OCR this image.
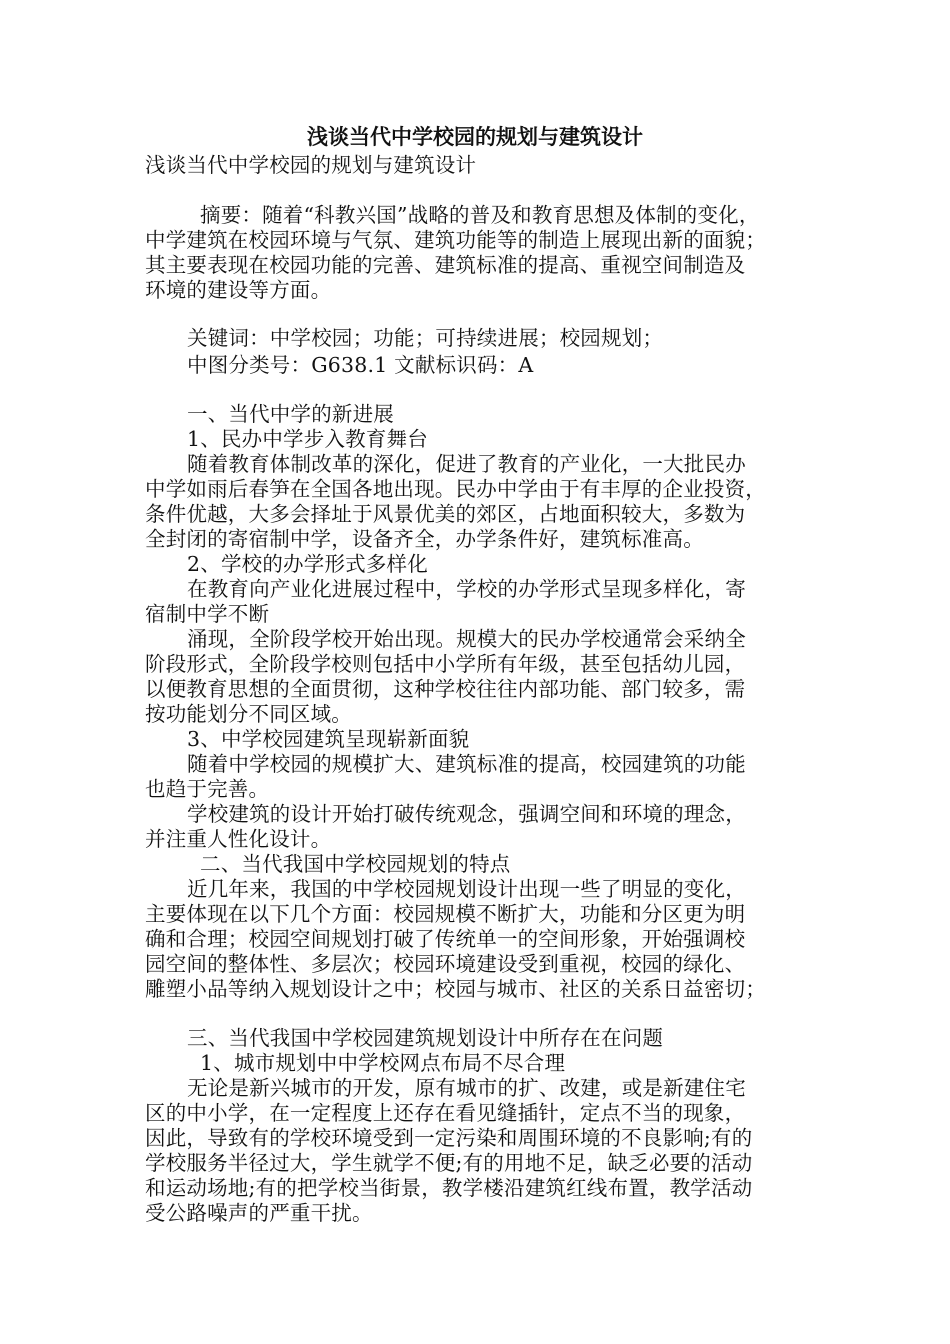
浅谈当代中学校园的规划与建筑设计
浅谈当代中学校园的规划与建筑设计
摘要：随着“科教兴国”战略的普及和教育思想及体制的变化，
中学建筑在校园环境与气氛、建筑功能等的制造上展现出新的面貌；
其主要表现在校园功能的完善、建筑标准的提高、重视空间制造及
环境的建设等方面。
关键词：中学校园；功能；可持续进展；校园规划；
中图分类号：G638.1 文献标识码：A
一、当代中学的新进展
1、民办中学步入教育舞台
随着教育体制改革的深化，促进了教育的产业化，一大批民办
中学如雨后春笋在全国各地出现。民办中学由于有丰厚的企业投资，
条件优越，大多会择址于风景优美的郊区，占地面积较大，多数为
全封闭的寄宿制中学，设备齐全，办学条件好，建筑标准高。
2、学校的办学形式多样化
在教育向产业化进展过程中，学校的办学形式呈现多样化，寄
宿制中学不断
涌现，全阶段学校开始出现。规模大的民办学校通常会采纳全
阶段形式，全阶段学校则包括中小学所有年级，甚至包括幼儿园，
以便教育思想的全面贯彻，这种学校往往内部功能、部门较多，需
按功能划分不同区域。
3、中学校园建筑呈现崭新面貌
随着中学校园的规模扩大、建筑标准的提高，校园建筑的功能
也趋于完善。
学校建筑的设计开始打破传统观念，强调空间和环境的理念，
并注重人性化设计。
二、当代我国中学校园规划的特点
近几年来，我国的中学校园规划设计出现一些了明显的变化，
主要体现在以下几个方面：校园规模不断扩大，功能和分区更为明
确和合理；校园空间规划打破了传统单一的空间形象，开始强调校
园空间的整体性、多层次；校园环境建设受到重视，校园的绿化、
雕塑小品等纳入规划设计之中；校园与城市、社区的关系日益密切；
三、当代我国中学校园建筑规划设计中所存在在问题
1、城市规划中中学校网点布局不尽合理
无论是新兴城市的开发，原有城市的扩、改建，或是新建住宅
区的中小学，在一定程度上还存在看见缝插针，定点不当的现象，
因此，导致有的学校环境受到一定污染和周围环境的不良影响;有的
学校服务半径过大，学生就学不便;有的用地不足，缺乏必要的活动
和运动场地;有的把学校当街景，教学楼沿建筑红线布置，教学活动
受公路噪声的严重干扰。
